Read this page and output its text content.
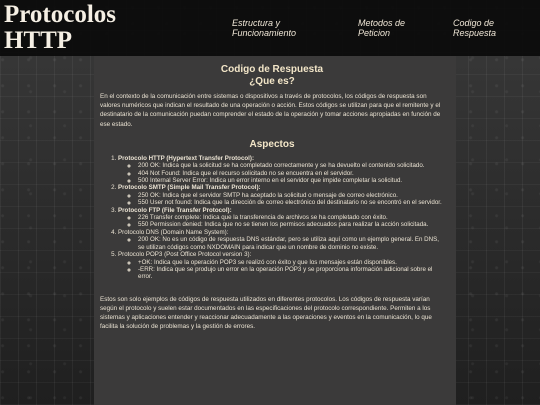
Protocolos
HTTP
Estructura y
Funcionamiento
Metodos de
Peticion
Codigo de
Respuesta
Codigo de Respuesta
¿Que es?

En el contexto de la comunicación entre sistemas o dispositivos a través de protocolos, los códigos de respuesta son valores numéricos que indican el resultado de una operación o acción. Estos códigos se utilizan para que el remitente y el destinatario de la comunicación puedan comprender el estado de la operación y tomar acciones apropiadas en función de ese estado.

Aspectos
1. Protocolo HTTP (Hypertext Transfer Protocol):
◦ 200 OK: Indica que la solicitud se ha completado correctamente y se ha devuelto el contenido solicitado.
◦ 404 Not Found: Indica que el recurso solicitado no se encuentra en el servidor.
◦ 500 Internal Server Error: Indica un error interno en el servidor que impide completar la solicitud.
2. Protocolo SMTP (Simple Mail Transfer Protocol):
◦ 250 OK: Indica que el servidor SMTP ha aceptado la solicitud o mensaje de correo electrónico.
◦ 550 User not found: Indica que la dirección de correo electrónico del destinatario no se encontró en el servidor.
3. Protocolo FTP (File Transfer Protocol):
◦ 226 Transfer complete: Indica que la transferencia de archivos se ha completado con éxito.
◦ 550 Permission denied: Indica que no se tienen los permisos adecuados para realizar la acción solicitada.
4. Protocolo DNS (Domain Name System):
◦ 200 OK: No es un código de respuesta DNS estándar, pero se utiliza aquí como un ejemplo general. En DNS, se utilizan códigos como NXDOMAIN para indicar que un nombre de dominio no existe.
5. Protocolo POP3 (Post Office Protocol version 3):
◦ +OK: Indica que la operación POP3 se realizó con éxito y que los mensajes están disponibles.
◦ -ERR: Indica que se produjo un error en la operación POP3 y se proporciona información adicional sobre el error.

Estos son solo ejemplos de códigos de respuesta utilizados en diferentes protocolos. Los códigos de respuesta varían según el protocolo y suelen estar documentados en las especificaciones del protocolo correspondiente. Permiten a los sistemas y aplicaciones entender y reaccionar adecuadamente a las operaciones y eventos en la comunicación, lo que facilita la solución de problemas y la gestión de errores.
